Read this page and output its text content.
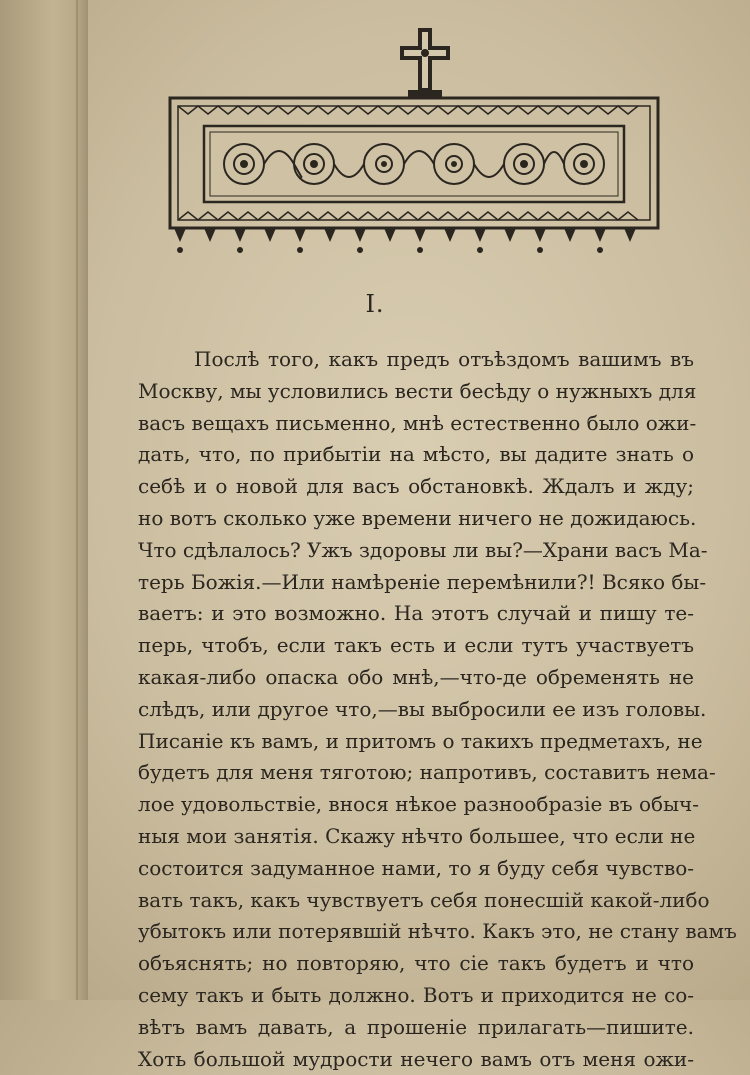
I.
Послѣ того, какъ предъ отъѣздомъ вашимъ въ
Москву, мы условились вести бесѣду о нужныхъ для
васъ вещахъ письменно, мнѣ естественно было ожи-
дать, что, по прибытіи на мѣсто, вы дадите знать о
себѣ и о новой для васъ обстановкѣ. Ждалъ и жду;
но вотъ сколько уже времени ничего не дожидаюсь.
Что сдѣлалось? Ужъ здоровы ли вы?—Храни васъ Ма-
терь Божія.—Или намѣреніе перемѣнили?! Всяко бы-
ваетъ: и это возможно. На этотъ случай и пишу те-
перь, чтобъ, если такъ есть и если тутъ участвуетъ
какая-либо опаска обо мнѣ,—что-де обременять не
слѣдъ, или другое что,—вы выбросили ее изъ головы.
Писаніе къ вамъ, и притомъ о такихъ предметахъ, не
будетъ для меня тяготою; напротивъ, составитъ нема-
лое удовольствіе, внося нѣкое разнообразіе въ обыч-
ныя мои занятія. Скажу нѣчто большее, что если не
состоится задуманное нами, то я буду себя чувство-
вать такъ, какъ чувствуетъ себя понесшій какой-либо
убытокъ или потерявшій нѣчто. Какъ это, не стану вамъ
объяснять; но повторяю, что сіе такъ будетъ и что
сему такъ и быть должно. Вотъ и приходится не со-
вѣтъ вамъ давать, а прошеніе прилагать—пишите.
Хоть большой мудрости нечего вамъ отъ меня ожи-
